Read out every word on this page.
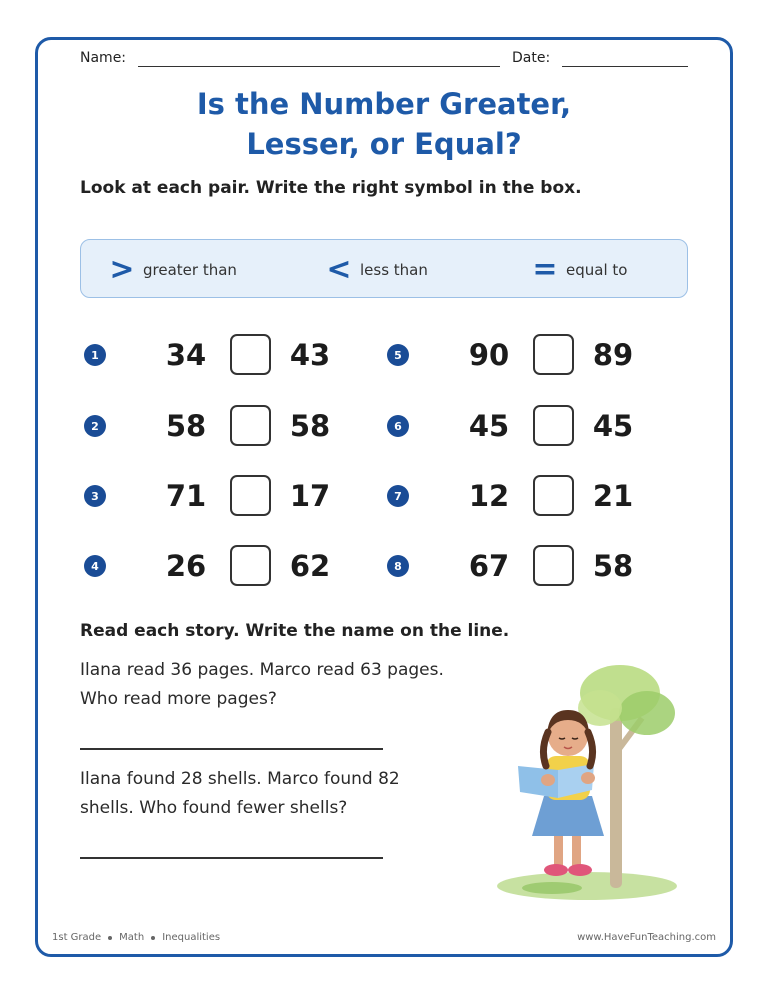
Name:	Date:
Is the Number Greater,
Lesser, or Equal?
Look at each pair. Write the right symbol in the box.
> greater than	< less than	= equal to
1	34	43
2	58	58
3	71	17
4	26	62
5	90	89
6	45	45
7	12	21
8	67	58
Read each story. Write the name on the line.
Ilana read 36 pages. Marco read 63 pages. Who read more pages?
Ilana found 28 shells. Marco found 82 shells. Who found fewer shells?
1st Grade Math Inequalities	www.HaveFunTeaching.com
